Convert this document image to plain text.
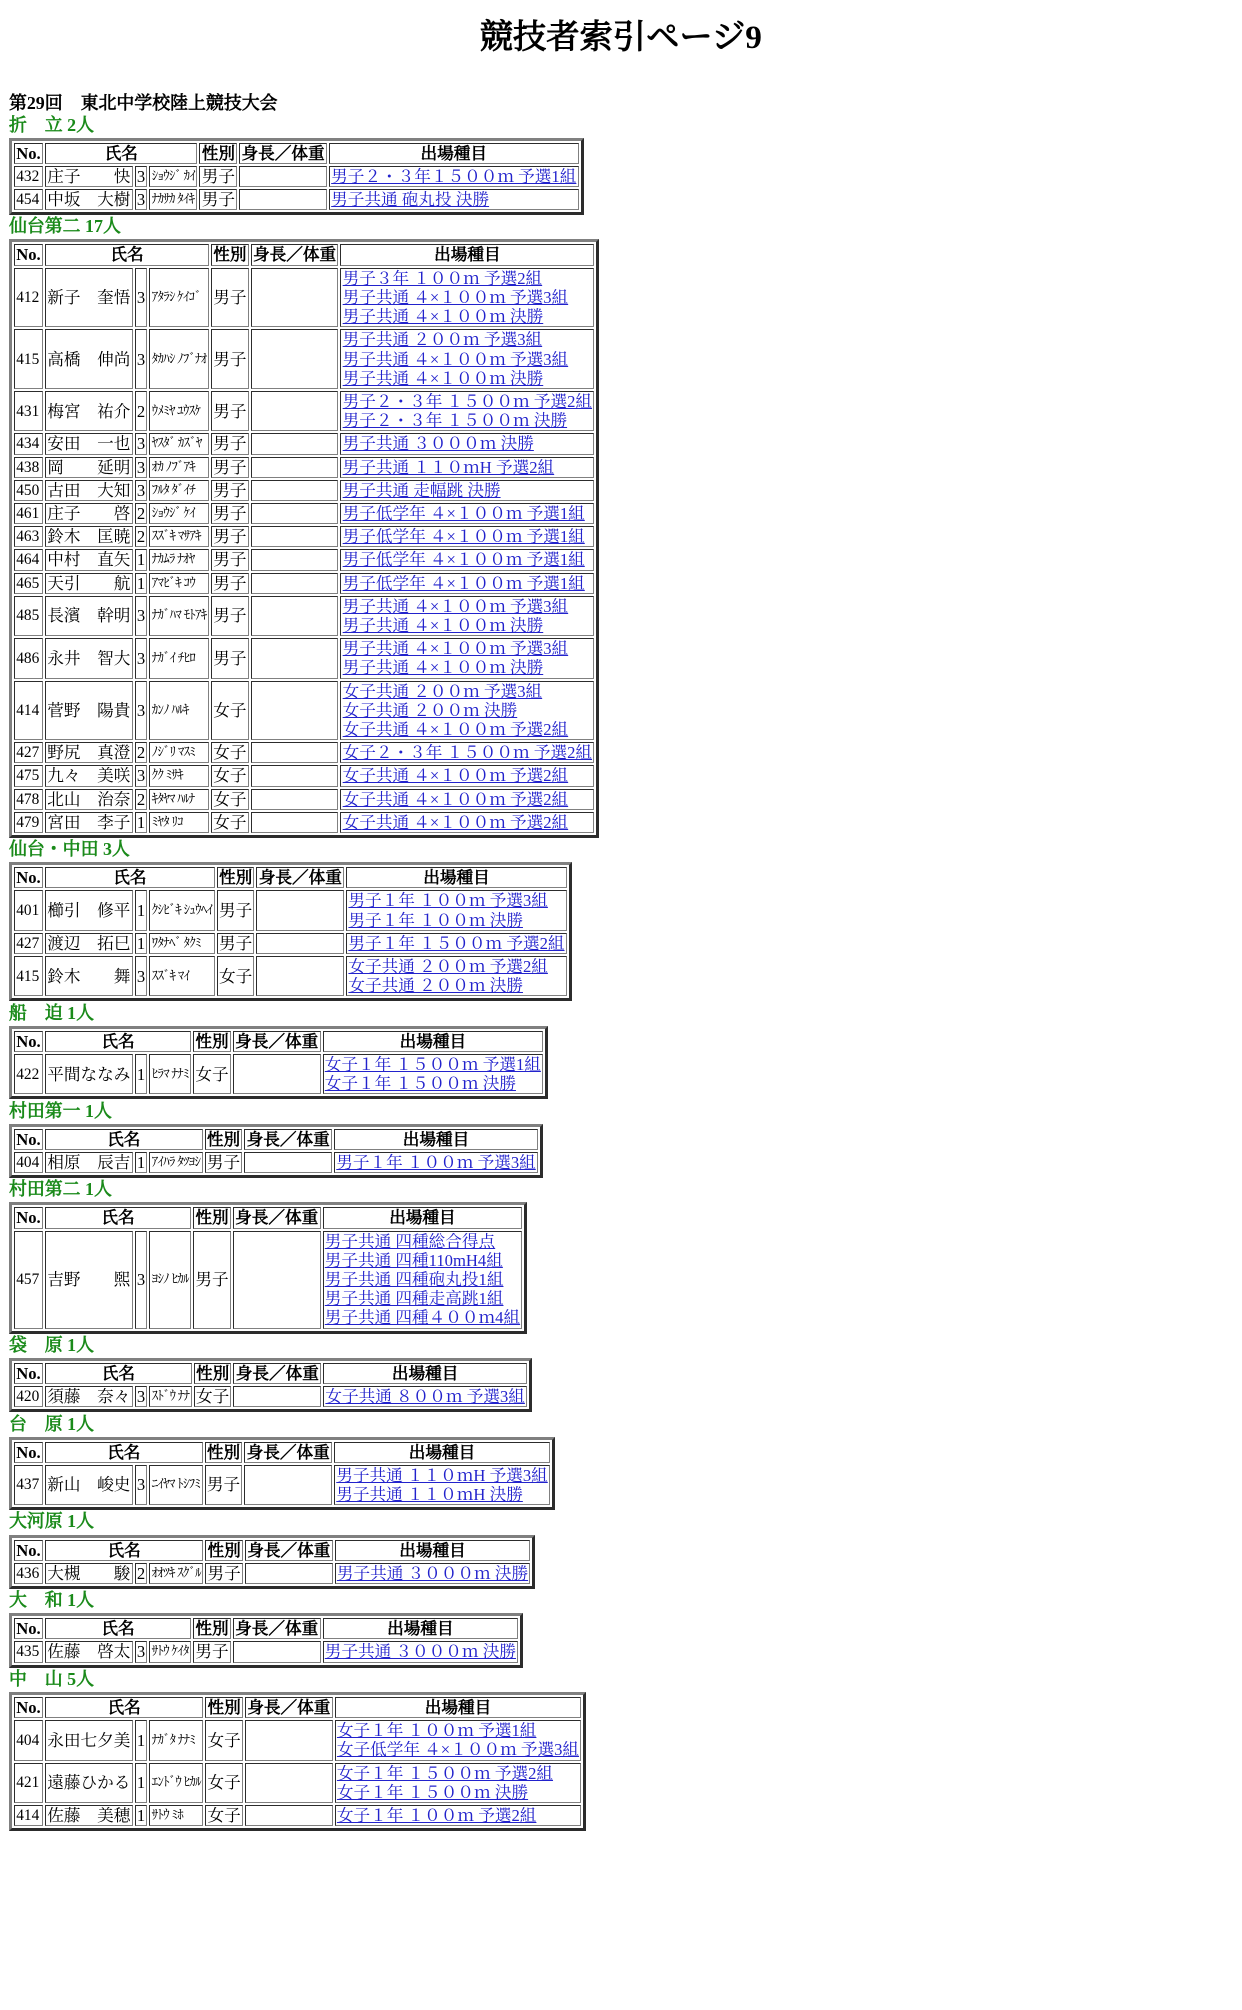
競技者索引ページ9
第29回　東北中学校陸上競技大会
折　立 2人
No.	氏名			性別	身長／体重	出場種目
432	庄子　　快	3	ｼｮｳｼﾞ ｶｲ	男子		男子２・３年１５００ｍ 予選1組

454	中坂　大樹	3	ﾅｶｻｶ ﾀｲｷ	男子		男子共通 砲丸投 決勝
仙台第二 17人
No.	氏名			性別	身長／体重	出場種目
412	新子　奎悟	3	ｱﾀﾗｼ ｹｲｺﾞ	男子		男子３年 １００ｍ 予選2組
男子共通 ４×１００ｍ 予選3組
男子共通 ４×１００ｍ 決勝

415	高橋　伸尚	3	ﾀｶﾊｼ ﾉﾌﾞﾅｵ	男子		男子共通 ２００ｍ 予選3組
男子共通 ４×１００ｍ 予選3組
男子共通 ４×１００ｍ 決勝

431	梅宮　祐介	2	ｳﾒﾐﾔ ﾕｳｽｹ	男子		男子２・３年 １５００ｍ 予選2組
男子２・３年 １５００ｍ 決勝

434	安田　一也	3	ﾔｽﾀﾞ ｶｽﾞﾔ	男子		男子共通 ３０００ｍ 決勝

438	岡　　延明	3	ｵｶ ﾉﾌﾞｱｷ	男子		男子共通 １１０ｍH 予選2組

450	古田　大知	3	ﾌﾙﾀ ﾀﾞｲﾁ	男子		男子共通 走幅跳 決勝

461	庄子　　啓	2	ｼｮｳｼﾞ ｹｲ	男子		男子低学年 ４×１００ｍ 予選1組

463	鈴木　匡暁	2	ｽｽﾞｷ ﾏｻｱｷ	男子		男子低学年 ４×１００ｍ 予選1組

464	中村　直矢	1	ﾅｶﾑﾗ ﾅｵﾔ	男子		男子低学年 ４×１００ｍ 予選1組

465	天引　　航	1	ｱﾏﾋﾞｷ ｺｳ	男子		男子低学年 ４×１００ｍ 予選1組

485	長濱　幹明	3	ﾅｶﾞﾊﾏ ﾓﾄｱｷ	男子		男子共通 ４×１００ｍ 予選3組
男子共通 ４×１００ｍ 決勝

486	永井　智大	3	ﾅｶﾞｲ ﾁﾋﾛ	男子		男子共通 ４×１００ｍ 予選3組
男子共通 ４×１００ｍ 決勝

414	菅野　陽貴	3	ｶﾝﾉ ﾊﾙｷ	女子		女子共通 ２００ｍ 予選3組
女子共通 ２００ｍ 決勝
女子共通 ４×１００ｍ 予選2組

427	野尻　真澄	2	ﾉｼﾞﾘ ﾏｽﾐ	女子		女子２・３年 １５００ｍ 予選2組

475	九々　美咲	3	ｸｸ ﾐｻｷ	女子		女子共通 ４×１００ｍ 予選2組

478	北山　治奈	2	ｷﾀﾔﾏ ﾊﾙﾅ	女子		女子共通 ４×１００ｍ 予選2組

479	宮田　李子	1	ﾐﾔﾀ ﾘｺ	女子		女子共通 ４×１００ｍ 予選2組
仙台・中田 3人
No.	氏名			性別	身長／体重	出場種目
401	櫛引　修平	1	ｸｼﾋﾞｷ ｼｭｳﾍｲ	男子		男子１年 １００ｍ 予選3組
男子１年 １００ｍ 決勝

427	渡辺　拓巳	1	ﾜﾀﾅﾍﾞ ﾀｸﾐ	男子		男子１年 １５００ｍ 予選2組

415	鈴木　　舞	3	ｽｽﾞｷ ﾏｲ	女子		女子共通 ２００ｍ 予選2組
女子共通 ２００ｍ 決勝
船　迫 1人
No.	氏名			性別	身長／体重	出場種目
422	平間ななみ	1	ﾋﾗﾏ ﾅﾅﾐ	女子		女子１年 １５００ｍ 予選1組
女子１年 １５００ｍ 決勝
村田第一 1人
No.	氏名			性別	身長／体重	出場種目
404	相原　辰吉	1	ｱｲﾊﾗ ﾀﾂﾖｼ	男子		男子１年 １００ｍ 予選3組
村田第二 1人
No.	氏名			性別	身長／体重	出場種目
457	吉野　　煕	3	ﾖｼﾉ ﾋｶﾙ	男子		男子共通 四種総合得点
男子共通 四種110mH4組
男子共通 四種砲丸投1組
男子共通 四種走高跳1組
男子共通 四種４００ｍ4組
袋　原 1人
No.	氏名			性別	身長／体重	出場種目
420	須藤　奈々	3	ｽﾄﾞｳ ﾅﾅ	女子		女子共通 ８００ｍ 予選3組
台　原 1人
No.	氏名			性別	身長／体重	出場種目
437	新山　峻史	3	ﾆｲﾔﾏ ﾄｼﾌﾐ	男子		男子共通 １１０ｍH 予選3組
男子共通 １１０ｍH 決勝
大河原 1人
No.	氏名			性別	身長／体重	出場種目
436	大槻　　駿	2	ｵｵﾂｷ ｽｸﾞﾙ	男子		男子共通 ３０００ｍ 決勝
大　和 1人
No.	氏名			性別	身長／体重	出場種目
435	佐藤　啓太	3	ｻﾄｳ ｹｲﾀ	男子		男子共通 ３０００ｍ 決勝
中　山 5人
No.	氏名			性別	身長／体重	出場種目
404	永田七夕美	1	ﾅｶﾞﾀ ﾅﾅﾐ	女子		女子１年 １００ｍ 予選1組
女子低学年 ４×１００ｍ 予選3組

421	遠藤ひかる	1	ｴﾝﾄﾞｳ ﾋｶﾙ	女子		女子１年 １５００ｍ 予選2組
女子１年 １５００ｍ 決勝

414	佐藤　美穂	1	ｻﾄｳ ﾐﾎ	女子		女子１年 １００ｍ 予選2組
